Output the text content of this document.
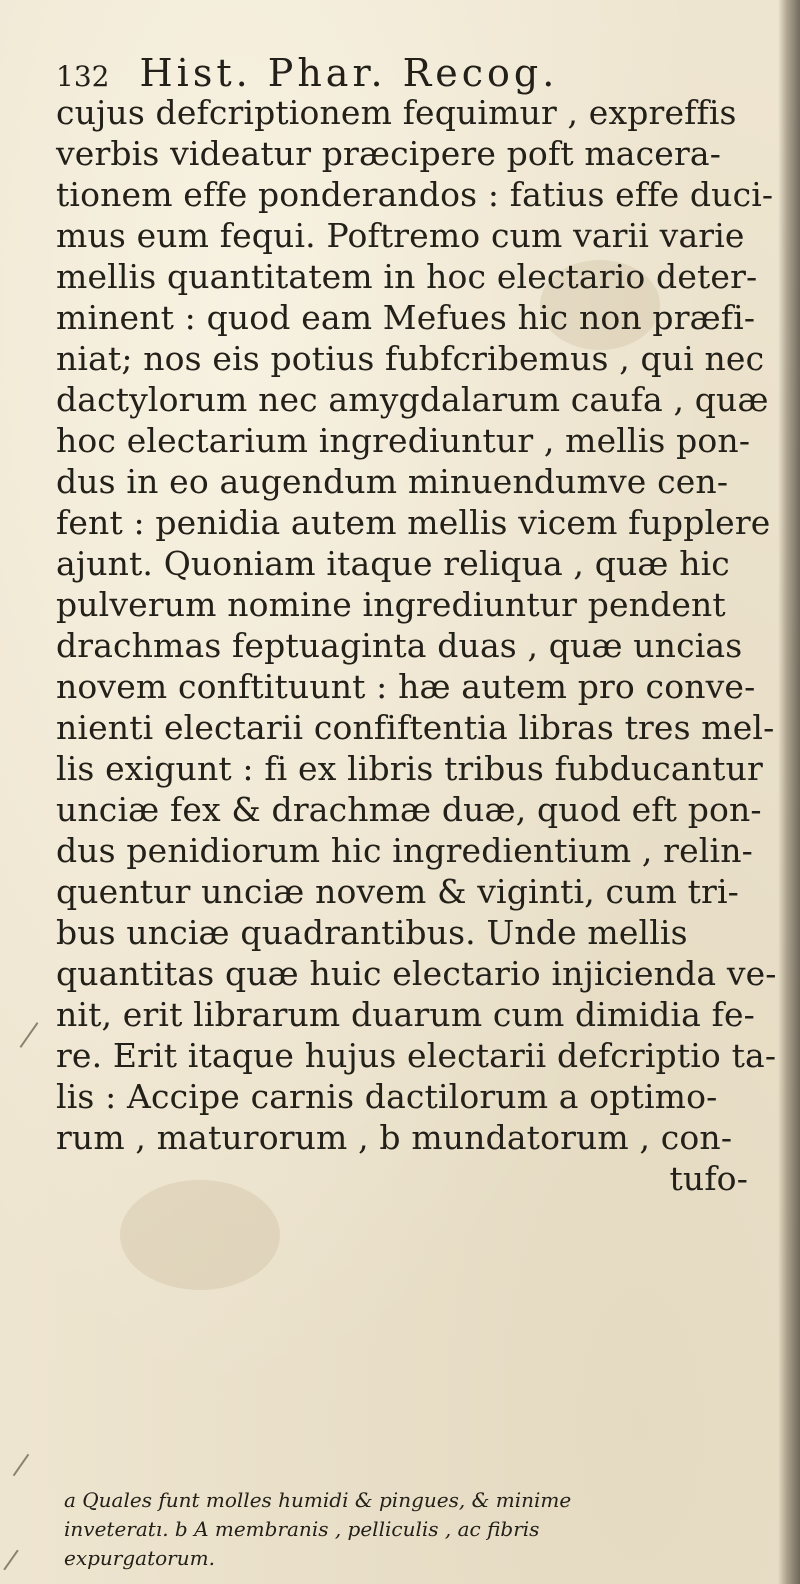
132 Hist. Phar. Recog.
cujus defcriptionem fequimur , expreffis
verbis videatur præcipere poft macera-
tionem effe ponderandos : fatius effe duci-
mus eum fequi. Poftremo cum varii varie
mellis quantitatem in hoc electario deter-
minent : quod eam Mefues hic non præfi-
niat; nos eis potius fubfcribemus , qui nec
dactylorum nec amygdalarum caufa , quæ
hoc electarium ingrediuntur , mellis pon-
dus in eo augendum minuendumve cen-
fent : penidia autem mellis vicem fupplere
ajunt. Quoniam itaque reliqua , quæ hic
pulverum nomine ingrediuntur pendent
drachmas feptuaginta duas , quæ uncias
novem conftituunt : hæ autem pro conve-
nienti electarii confiftentia libras tres mel-
lis exigunt : fi ex libris tribus fubducantur
unciæ fex & drachmæ duæ, quod eft pon-
dus penidiorum hic ingredientium , relin-
quentur unciæ novem & viginti, cum tri-
bus unciæ quadrantibus. Unde mellis
quantitas quæ huic electario injicienda ve-
nit, erit librarum duarum cum dimidia fe-
re. Erit itaque hujus electarii defcriptio ta-
lis : Accipe carnis dactilorum a optimo-
rum , maturorum , b mundatorum , con-
tufo-
a Quales funt molles humidi & pingues, & minime
inveteratı. b A membranis , pelliculis , ac fibris
expurgatorum.
